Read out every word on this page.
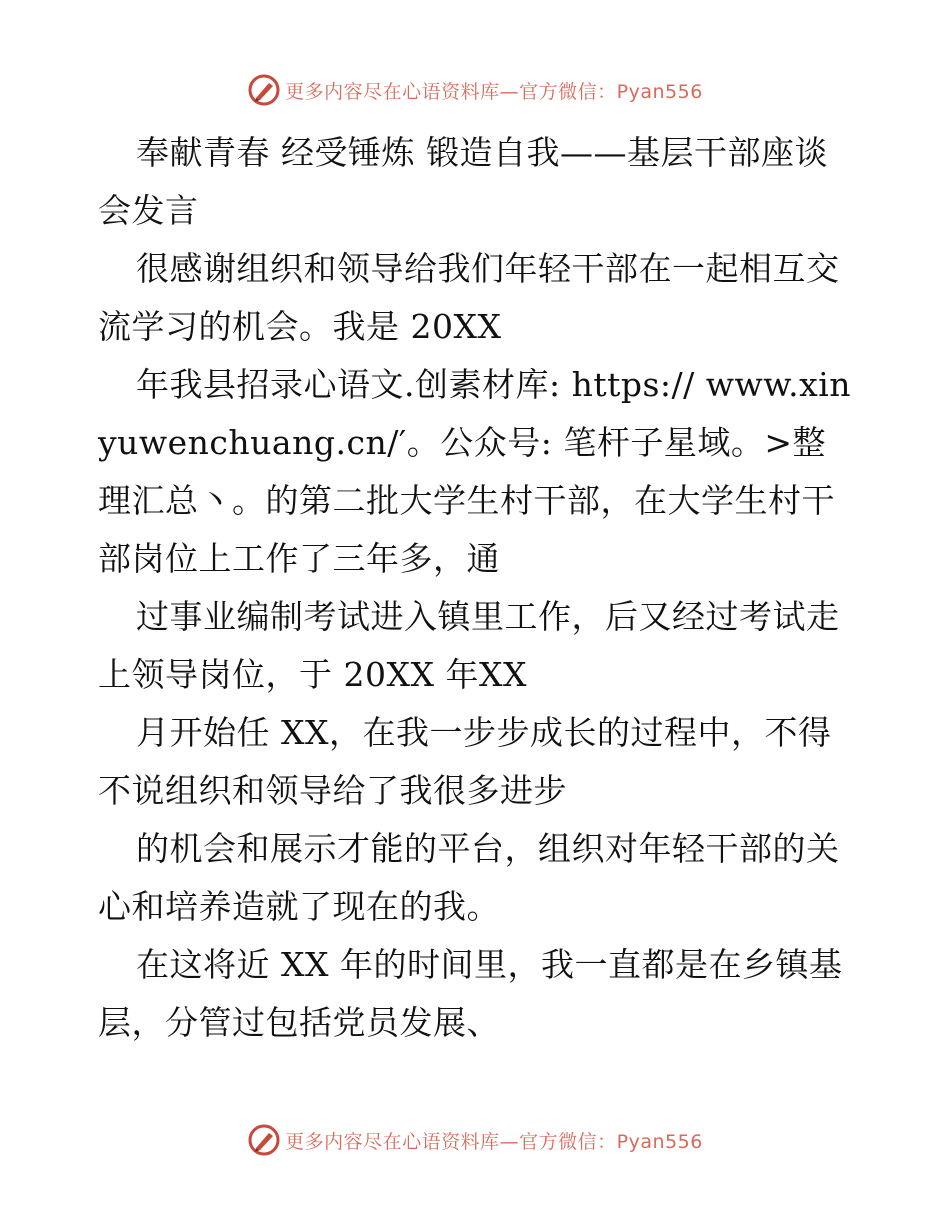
更多内容尽在心语资料库—官方微信：Pyan556

奉献青春 经受锤炼 锻造自我——基层干部座谈会发言

很感谢组织和领导给我们年轻干部在一起相互交流学习的机会。我是 20XX

年我县招录心语文.创素材库: https:// www.xinyuwenchuang.cn/′。公众号: 笔杆子星域。>整理汇总丶。的第二批大学生村干部，在大学生村干部岗位上工作了三年多，通

过事业编制考试进入镇里工作，后又经过考试走上领导岗位，于 20XX 年XX

月开始任 XX，在我一步步成长的过程中，不得不说组织和领导给了我很多进步

的机会和展示才能的平台，组织对年轻干部的关心和培养造就了现在的我。

在这将近 XX 年的时间里，我一直都是在乡镇基层，分管过包括党员发展、

更多内容尽在心语资料库—官方微信：Pyan556
